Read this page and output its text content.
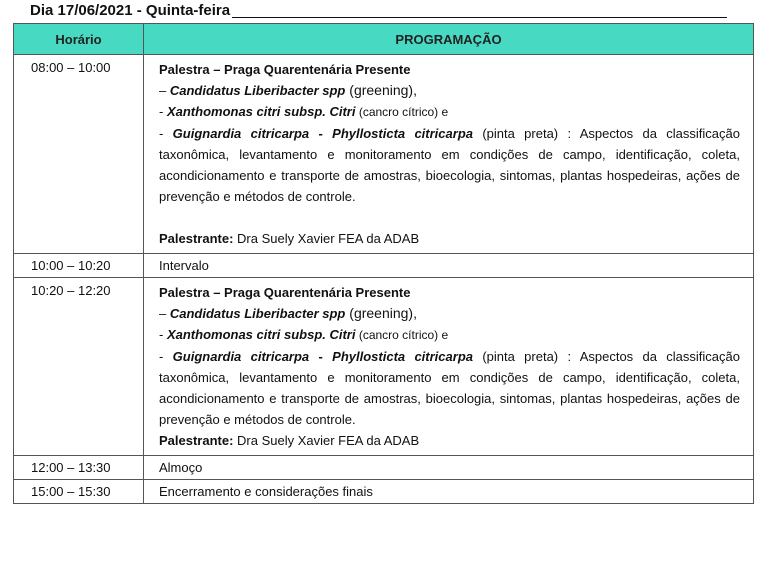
Dia 17/06/2021 - Quinta-feira
Horário	PROGRAMAÇÃO
08:00 – 10:00	Palestra – Praga Quarentenária Presente
– Candidatus Liberibacter spp (greening),
- Xanthomonas citri subsp. Citri (cancro cítrico) e
- Guignardia citricarpa - Phyllosticta citricarpa (pinta preta) : Aspectos da classificação taxonômica, levantamento e monitoramento em condições de campo, identificação, coleta, acondicionamento e transporte de amostras, bioecologia, sintomas, plantas hospedeiras, ações de prevenção e métodos de controle.
Palestrante: Dra Suely Xavier FEA da ADAB

10:00 – 10:20	Intervalo
10:20 – 12:20	Palestra – Praga Quarentenária Presente
– Candidatus Liberibacter spp (greening),
- Xanthomonas citri subsp. Citri (cancro cítrico) e
- Guignardia citricarpa - Phyllosticta citricarpa (pinta preta) : Aspectos da classificação taxonômica, levantamento e monitoramento em condições de campo, identificação, coleta, acondicionamento e transporte de amostras, bioecologia, sintomas, plantas hospedeiras, ações de prevenção e métodos de controle.
Palestrante: Dra Suely Xavier FEA da ADAB

12:00 – 13:30	Almoço
15:00 – 15:30	Encerramento e considerações finais
